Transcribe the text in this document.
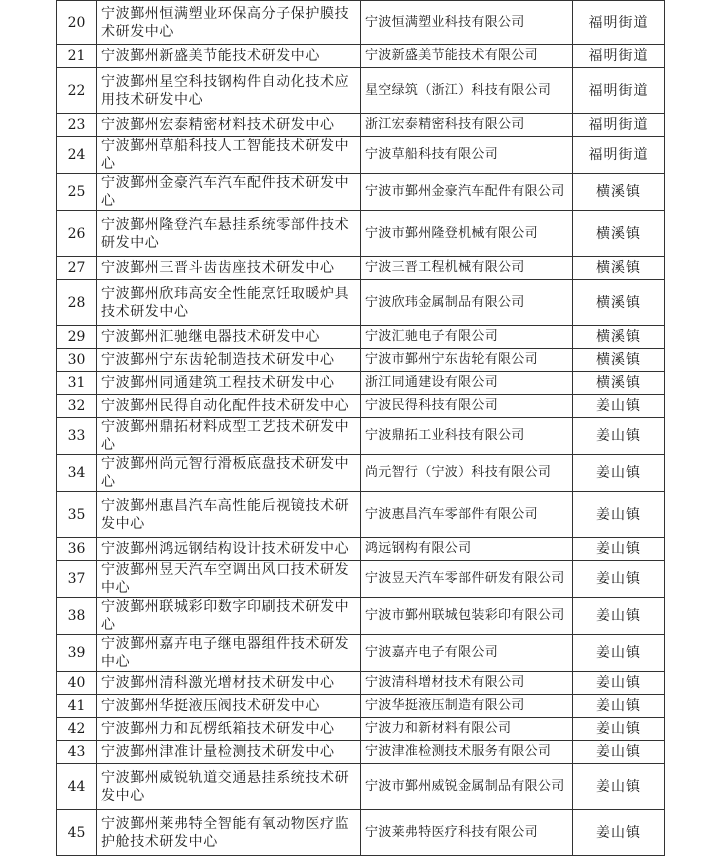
20	宁波鄞州恒满塑业环保高分子保护膜技术研发中心	宁波恒满塑业科技有限公司	福明街道
21	宁波鄞州新盛美节能技术研发中心	宁波新盛美节能技术有限公司	福明街道
22	宁波鄞州星空科技钢构件自动化技术应用技术研发中心	星空绿筑（浙江）科技有限公司	福明街道
23	宁波鄞州宏泰精密材料技术研发中心	浙江宏泰精密科技有限公司	福明街道
24	宁波鄞州草船科技人工智能技术研发中心	宁波草船科技有限公司	福明街道
25	宁波鄞州金豪汽车汽车配件技术研发中心	宁波市鄞州金豪汽车配件有限公司	横溪镇
26	宁波鄞州隆登汽车悬挂系统零部件技术研发中心	宁波市鄞州隆登机械有限公司	横溪镇
27	宁波鄞州三晋斗齿齿座技术研发中心	宁波三晋工程机械有限公司	横溪镇
28	宁波鄞州欣玮高安全性能烹饪取暖炉具技术研发中心	宁波欣玮金属制品有限公司	横溪镇
29	宁波鄞州汇驰继电器技术研发中心	宁波汇驰电子有限公司	横溪镇
30	宁波鄞州宁东齿轮制造技术研发中心	宁波市鄞州宁东齿轮有限公司	横溪镇
31	宁波鄞州同通建筑工程技术研发中心	浙江同通建设有限公司	横溪镇
32	宁波鄞州民得自动化配件技术研发中心	宁波民得科技有限公司	姜山镇
33	宁波鄞州鼎拓材料成型工艺技术研发中心	宁波鼎拓工业科技有限公司	姜山镇
34	宁波鄞州尚元智行滑板底盘技术研发中心	尚元智行（宁波）科技有限公司	姜山镇
35	宁波鄞州惠昌汽车高性能后视镜技术研发中心	宁波惠昌汽车零部件有限公司	姜山镇
36	宁波鄞州鸿远钢结构设计技术研发中心	鸿远钢构有限公司	姜山镇
37	宁波鄞州昱天汽车空调出风口技术研发中心	宁波昱天汽车零部件研发有限公司	姜山镇
38	宁波鄞州联城彩印数字印刷技术研发中心	宁波市鄞州联城包装彩印有限公司	姜山镇
39	宁波鄞州嘉卉电子继电器组件技术研发中心	宁波嘉卉电子有限公司	姜山镇
40	宁波鄞州清科激光增材技术研发中心	宁波清科增材技术有限公司	姜山镇
41	宁波鄞州华挺液压阀技术研发中心	宁波华挺液压制造有限公司	姜山镇
42	宁波鄞州力和瓦楞纸箱技术研发中心	宁波力和新材料有限公司	姜山镇
43	宁波鄞州津准计量检测技术研发中心	宁波津准检测技术服务有限公司	姜山镇
44	宁波鄞州威锐轨道交通悬挂系统技术研发中心	宁波市鄞州威锐金属制品有限公司	姜山镇
45	宁波鄞州莱弗特全智能有氧动物医疗监护舱技术研发中心	宁波莱弗特医疗科技有限公司	姜山镇
